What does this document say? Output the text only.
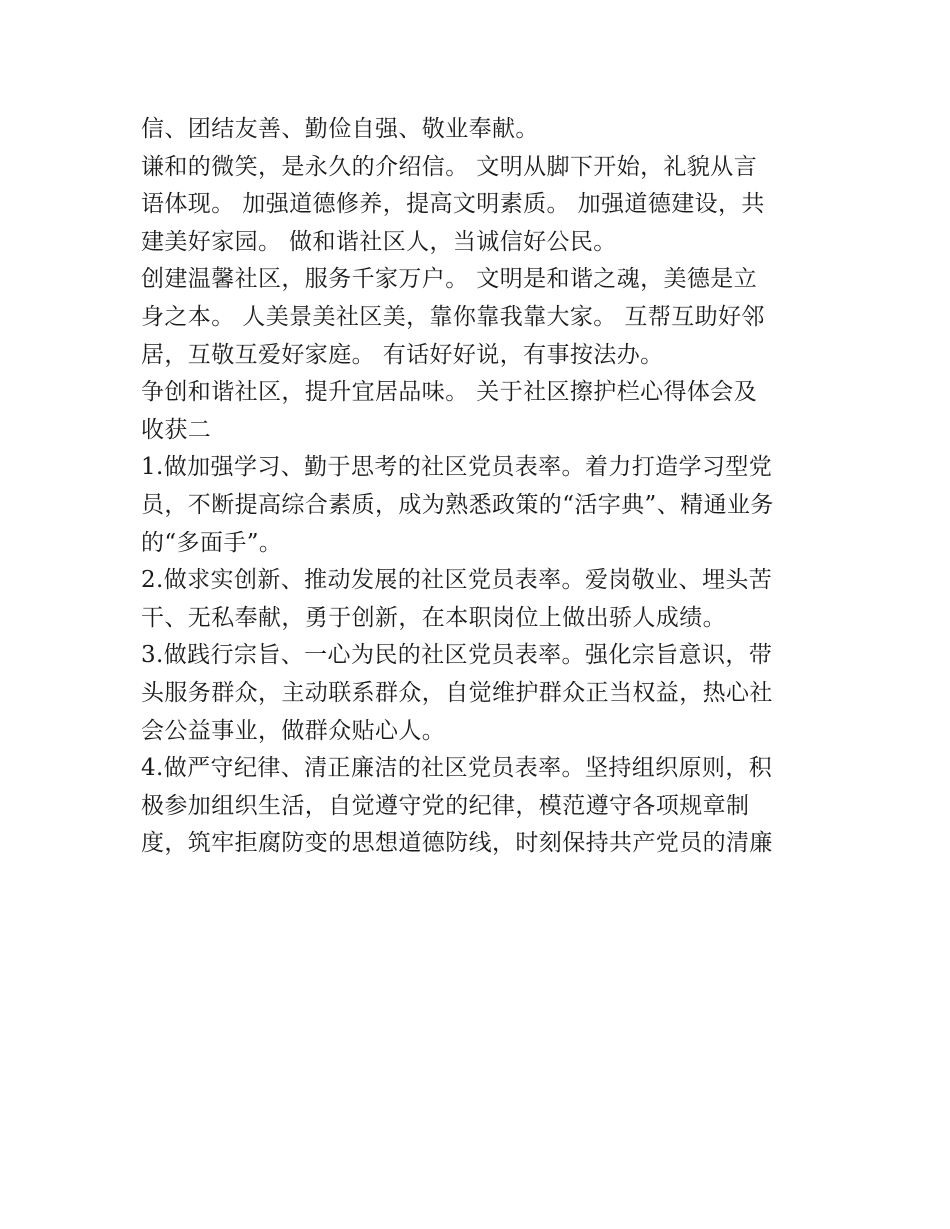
信、团结友善、勤俭自强、敬业奉献。
谦和的微笑，是永久的介绍信。 文明从脚下开始，礼貌从言
语体现。 加强道德修养，提高文明素质。 加强道德建设，共
建美好家园。 做和谐社区人，当诚信好公民。
创建温馨社区，服务千家万户。 文明是和谐之魂，美德是立
身之本。 人美景美社区美，靠你靠我靠大家。 互帮互助好邻
居，互敬互爱好家庭。 有话好好说，有事按法办。
争创和谐社区，提升宜居品味。 关于社区擦护栏心得体会及
收获二
1.做加强学习、勤于思考的社区党员表率。着力打造学习型党
员，不断提高综合素质，成为熟悉政策的“活字典”、精通业务
的“多面手”。
2.做求实创新、推动发展的社区党员表率。爱岗敬业、埋头苦
干、无私奉献，勇于创新，在本职岗位上做出骄人成绩。
3.做践行宗旨、一心为民的社区党员表率。强化宗旨意识，带
头服务群众，主动联系群众，自觉维护群众正当权益，热心社
会公益事业，做群众贴心人。
4.做严守纪律、清正廉洁的社区党员表率。坚持组织原则，积
极参加组织生活，自觉遵守党的纪律，模范遵守各项规章制
度，筑牢拒腐防变的思想道德防线，时刻保持共产党员的清廉
